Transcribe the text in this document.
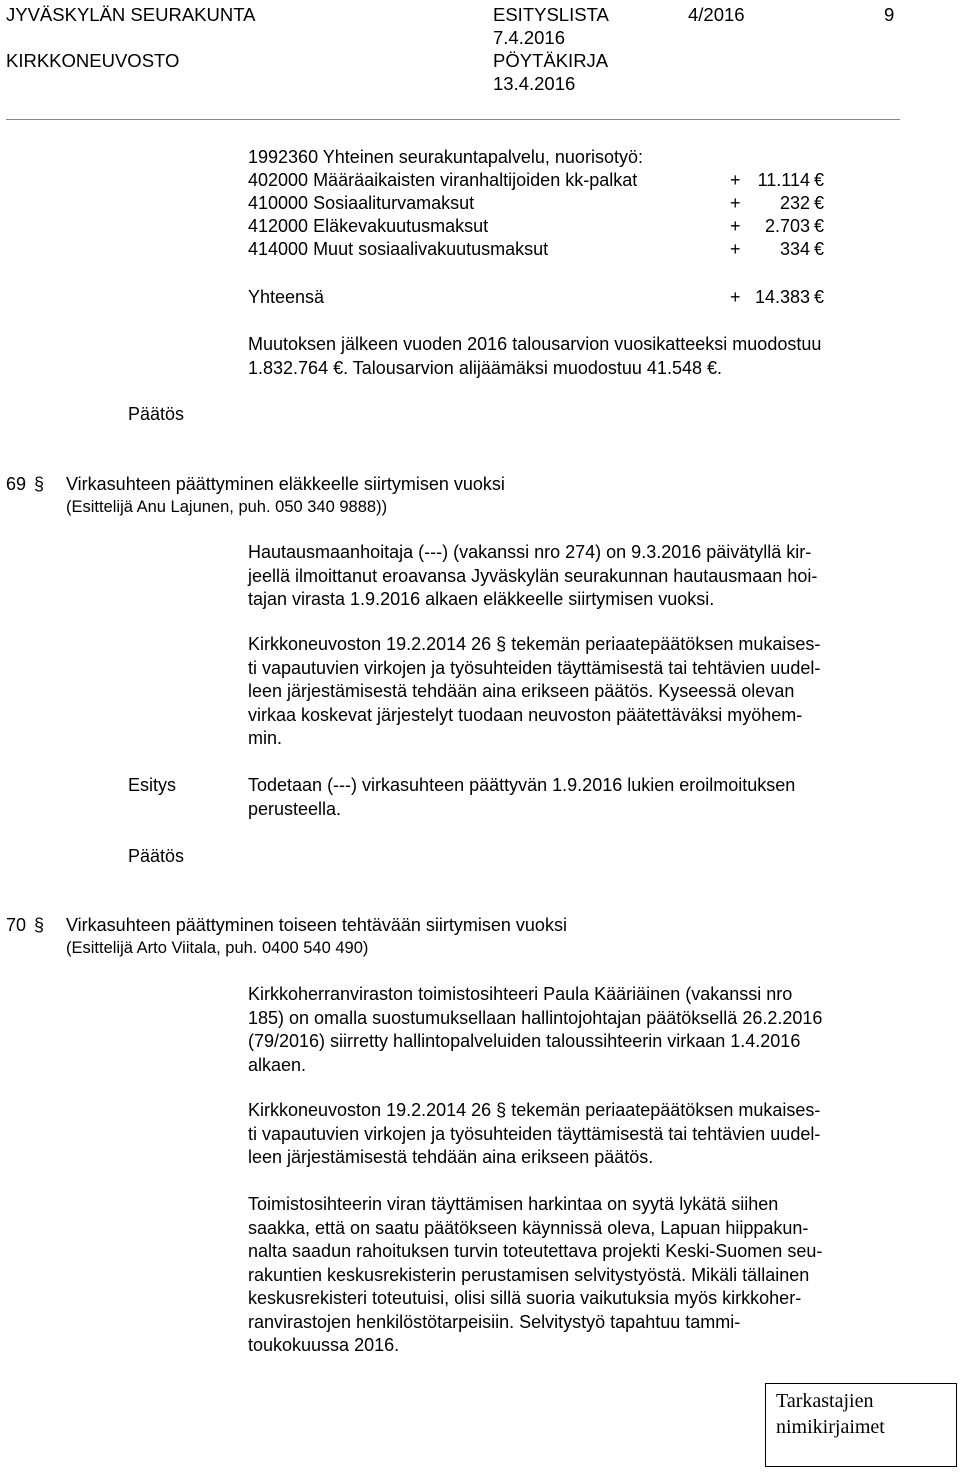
JYVÄSKYLÄN SEURAKUNTA
KIRKKONEUVOSTO
ESITYSLISTA
7.4.2016
PÖYTÄKIRJA
13.4.2016
4/2016	9
1992360 Yhteinen seurakuntapalvelu, nuorisotyö:
402000 Määräaikaisten viranhaltijoiden kk-palkat	+ 11.114 €
410000 Sosiaaliturvamaksut	+	232 €
412000 Eläkevakuutusmaksut	+	2.703 €
414000 Muut sosiaalivakuutusmaksut	+	334 €
Yhteensä	+ 14.383 €
Muutoksen jälkeen vuoden 2016 talousarvion vuosikatteeksi muodostuu
1.832.764 €. Talousarvion alijäämäksi muodostuu 41.548 €.
Päätös
69 § Virkasuhteen päättyminen eläkkeelle siirtymisen vuoksi
(Esittelijä Anu Lajunen, puh. 050 340 9888))
Hautausmaanhoitaja (---) (vakanssi nro 274) on 9.3.2016 päivätyllä kir-
jeellä ilmoittanut eroavansa Jyväskylän seurakunnan hautausmaan hoi-
tajan virasta 1.9.2016 alkaen eläkkeelle siirtymisen vuoksi.
Kirkkoneuvoston 19.2.2014 26 § tekemän periaatepäätöksen mukaises-
ti vapautuvien virkojen ja työsuhteiden täyttämisestä tai tehtävien uudel-
leen järjestämisestä tehdään aina erikseen päätös. Kyseessä olevan
virkaa koskevat järjestelyt tuodaan neuvoston päätettäväksi myöhem-
min.
Esitys	Todetaan (---) virkasuhteen päättyvän 1.9.2016 lukien eroilmoituksen
perusteella.
Päätös
70 § Virkasuhteen päättyminen toiseen tehtävään siirtymisen vuoksi
(Esittelijä Arto Viitala, puh. 0400 540 490)
Kirkkoherranviraston toimistosihteeri Paula Kääriäinen (vakanssi nro
185) on omalla suostumuksellaan hallintojohtajan päätöksellä 26.2.2016
(79/2016) siirretty hallintopalveluiden taloussihteerin virkaan 1.4.2016
alkaen.
Kirkkoneuvoston 19.2.2014 26 § tekemän periaatepäätöksen mukaises-
ti vapautuvien virkojen ja työsuhteiden täyttämisestä tai tehtävien uudel-
leen järjestämisestä tehdään aina erikseen päätös.
Toimistosihteerin viran täyttämisen harkintaa on syytä lykätä siihen
saakka, että on saatu päätökseen käynnissä oleva, Lapuan hiippakun-
nalta saadun rahoituksen turvin toteutettava projekti Keski-Suomen seu-
rakuntien keskusrekisterin perustamisen selvitystyöstä. Mikäli tällainen
keskusrekisteri toteutuisi, olisi sillä suoria vaikutuksia myös kirkkoher-
ranvirastojen henkilöstötarpeisiin. Selvitystyö tapahtuu tammi-
toukokuussa 2016.
Tarkastajien
nimikirjaimet
